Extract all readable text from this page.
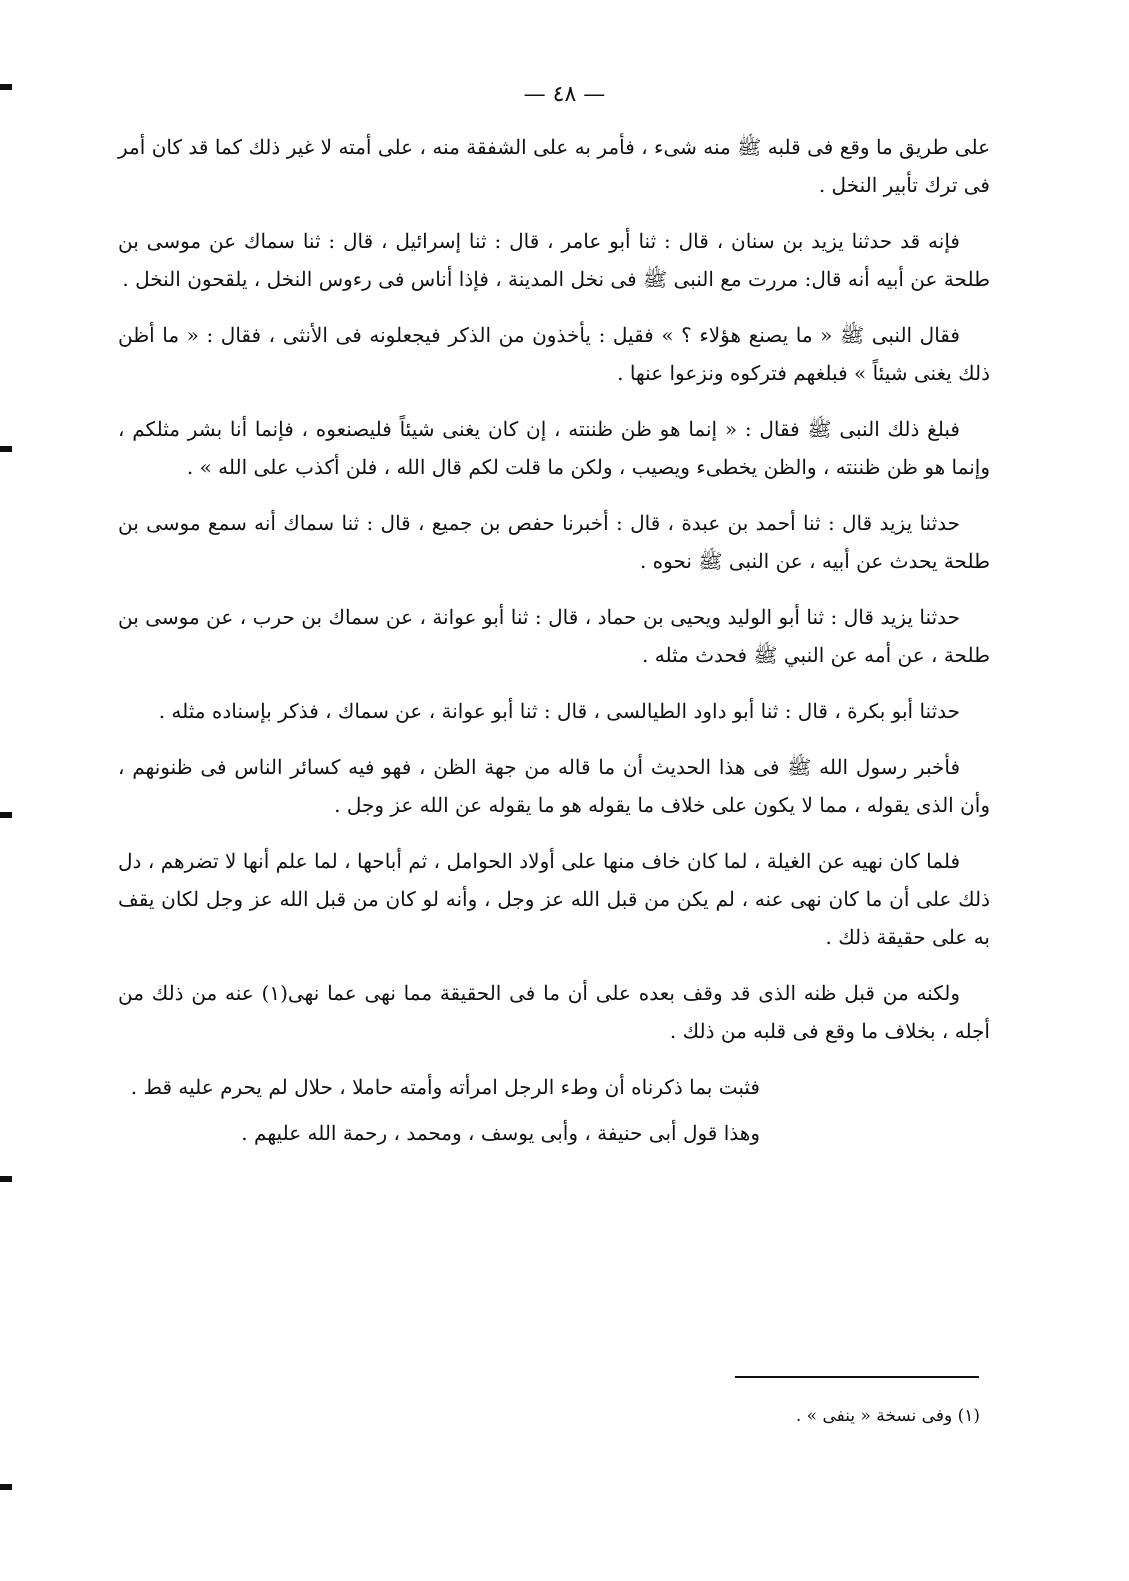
— ٤٨ —

على طريق ما وقع فى قلبه ﷺ منه شىء ، فأمر به على الشفقة منه ، على أمته لا غير ذلك كما قد كان أمر فى ترك تأبير النخل .

فإنه قد حدثنا يزيد بن سنان ، قال : ثنا أبو عامر ، قال : ثنا إسرائيل ، قال : ثنا سماك عن موسى بن طلحة عن أبيه أنه قال: مررت مع النبى ﷺ فى نخل المدينة ، فإذا أناس فى رءوس النخل ، يلقحون النخل .

فقال النبى ﷺ « ما يصنع هؤلاء ؟ » فقيل : يأخذون من الذكر فيجعلونه فى الأنثى ، فقال : « ما أظن ذلك يغنى شيئاً » فبلغهم فتركوه ونزعوا عنها .

فبلغ ذلك النبى ﷺ فقال : « إنما هو ظن ظننته ، إن كان يغنى شيئاً فليصنعوه ، فإنما أنا بشر مثلكم ، وإنما هو ظن ظننته ، والظن يخطىء ويصيب ، ولكن ما قلت لكم قال الله ، فلن أكذب على الله » .

حدثنا يزيد قال : ثنا أحمد بن عبدة ، قال : أخبرنا حفص بن جميع ، قال : ثنا سماك أنه سمع موسى بن طلحة يحدث عن أبيه ، عن النبى ﷺ نحوه .

حدثنا يزيد قال : ثنا أبو الوليد ويحيى بن حماد ، قال : ثنا أبو عوانة ، عن سماك بن حرب ، عن موسى بن طلحة ، عن أمه عن النبي ﷺ فحدث مثله .

حدثنا أبو بكرة ، قال : ثنا أبو داود الطيالسى ، قال : ثنا أبو عوانة ، عن سماك ، فذكر بإسناده مثله .

فأخبر رسول الله ﷺ فى هذا الحديث أن ما قاله من جهة الظن ، فهو فيه كسائر الناس فى ظنونهم ، وأن الذى يقوله ، مما لا يكون على خلاف ما يقوله هو ما يقوله عن الله عز وجل .

فلما كان نهيه عن الغيلة ، لما كان خاف منها على أولاد الحوامل ، ثم أباحها ، لما علم أنها لا تضرهم ، دل ذلك على أن ما كان نهى عنه ، لم يكن من قبل الله عز وجل ، وأنه لو كان من قبل الله عز وجل لكان يقف به على حقيقة ذلك .

ولكنه من قبل ظنه الذى قد وقف بعده على أن ما فى الحقيقة مما نهى عما نهى(١) عنه من ذلك من أجله ، بخلاف ما وقع فى قلبه من ذلك .

فثبت بما ذكرناه أن وطء الرجل امرأته وأمته حاملا ، حلال لم يحرم عليه قط .

وهذا قول أبى حنيفة ، وأبى يوسف ، ومحمد ، رحمة الله عليهم .

(١) وفى نسخة « ينفى » .
